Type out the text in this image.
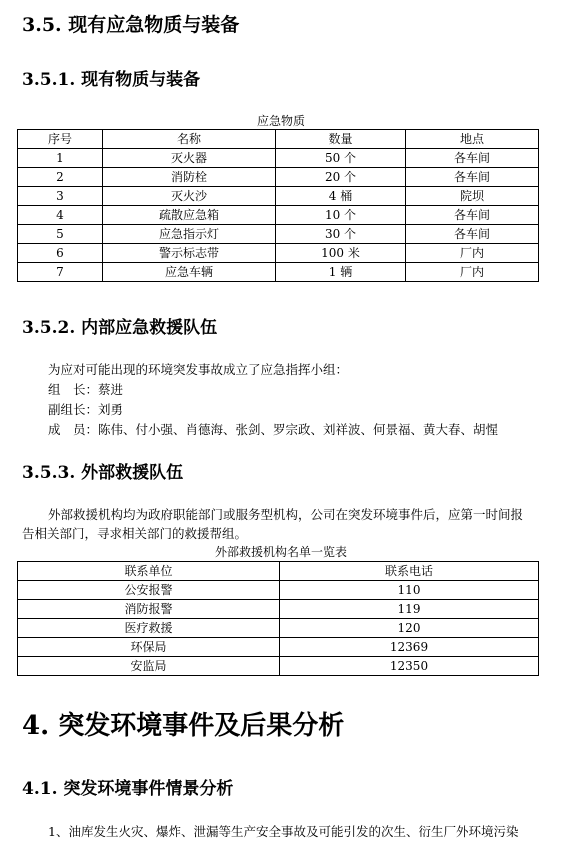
3.5. 现有应急物质与装备
3.5.1. 现有物质与装备
应急物质
序号	名称	数量	地点
1	灭火器	50 个	各车间
2	消防栓	20 个	各车间
3	灭火沙	4 桶	院坝
4	疏散应急箱	10 个	各车间
5	应急指示灯	30 个	各车间
6	警示标志带	100 米	厂内
7	应急车辆	1 辆	厂内
3.5.2. 内部应急救援队伍
为应对可能出现的环境突发事故成立了应急指挥小组：
组　长：蔡进
副组长：刘勇
成　员：陈伟、付小强、肖德海、张剑、罗宗政、刘祥波、何景福、黄大春、胡惺
3.5.3. 外部救援队伍
外部救援机构均为政府职能部门或服务型机构，公司在突发环境事件后，应第一时间报
告相关部门，寻求相关部门的救援帮组。
外部救援机构名单一览表
联系单位	联系电话
公安报警	110
消防报警	119
医疗救援	120
环保局	12369
安监局	12350
4. 突发环境事件及后果分析
4.1. 突发环境事件情景分析
1、油库发生火灾、爆炸、泄漏等生产安全事故及可能引发的次生、衍生厂外环境污染
